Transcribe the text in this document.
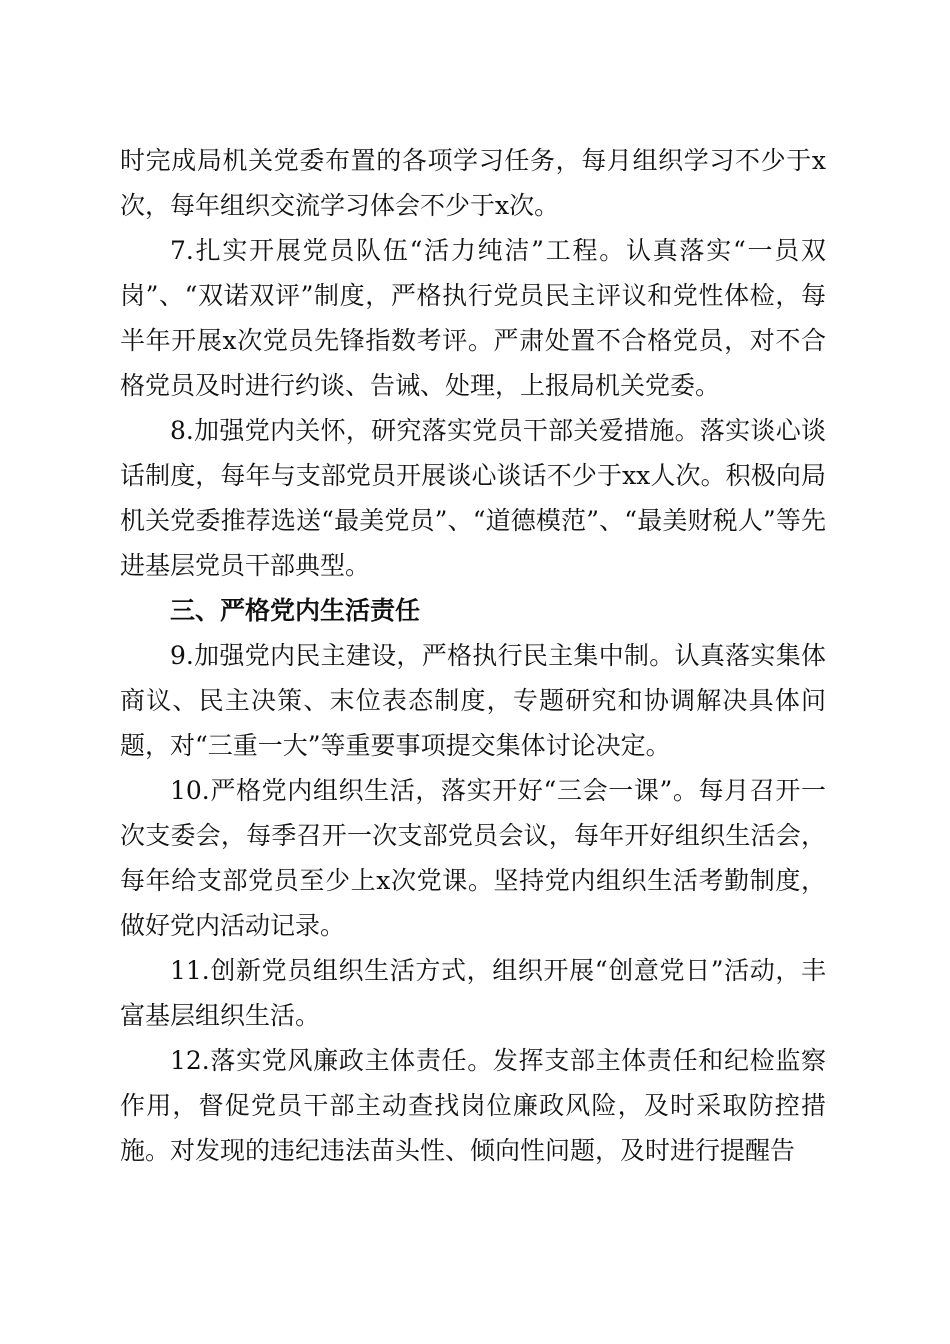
时完成局机关党委布置的各项学习任务，每月组织学习不少于x次，每年组织交流学习体会不少于x次。

7.扎实开展党员队伍“活力纯洁”工程。认真落实“一员双岗”、“双诺双评”制度，严格执行党员民主评议和党性体检，每半年开展x次党员先锋指数考评。严肃处置不合格党员，对不合格党员及时进行约谈、告诫、处理，上报局机关党委。

8.加强党内关怀，研究落实党员干部关爱措施。落实谈心谈话制度，每年与支部党员开展谈心谈话不少于xx人次。积极向局机关党委推荐选送“最美党员”、“道德模范”、“最美财税人”等先进基层党员干部典型。

三、严格党内生活责任

9.加强党内民主建设，严格执行民主集中制。认真落实集体商议、民主决策、末位表态制度，专题研究和协调解决具体问题，对“三重一大”等重要事项提交集体讨论决定。

10.严格党内组织生活，落实开好“三会一课”。每月召开一次支委会，每季召开一次支部党员会议，每年开好组织生活会，每年给支部党员至少上x次党课。坚持党内组织生活考勤制度，做好党内活动记录。

11.创新党员组织生活方式，组织开展“创意党日”活动，丰富基层组织生活。

12.落实党风廉政主体责任。发挥支部主体责任和纪检监察作用，督促党员干部主动查找岗位廉政风险，及时采取防控措施。对发现的违纪违法苗头性、倾向性问题，及时进行提醒告
